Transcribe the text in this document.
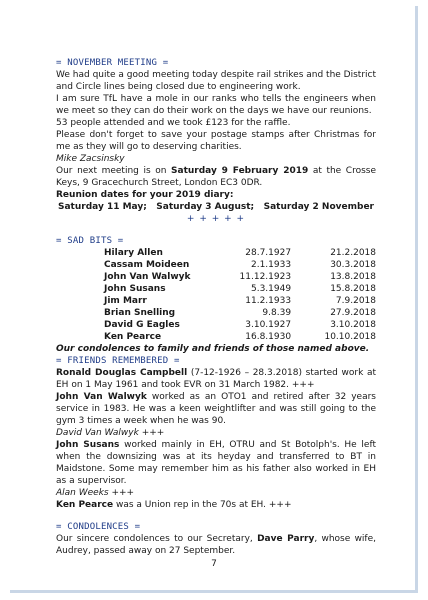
= NOVEMBER MEETING =

We had quite a good meeting today despite rail strikes and the District and Circle lines being closed due to engineering work.

I am sure TfL have a mole in our ranks who tells the engineers when we meet so they can do their work on the days we have our reunions.

53 people attended and we took £123 for the raffle.

Please don't forget to save your postage stamps after Christmas for me as they will go to deserving charities.

Mike Zacsinsky

Our next meeting is on Saturday 9 February 2019 at the Crosse Keys, 9 Gracechurch Street, London EC3 0DR.

Reunion dates for your 2019 diary:
Saturday 11 May; Saturday 3 August; Saturday 2 November
+ + + + +
= SAD BITS =
Hilary Allen	28.7.1927	21.2.2018
Cassam Moideen	2.1.1933	30.3.2018
John Van Walwyk	11.12.1923	13.8.2018
John Susans	5.3.1949	15.8.2018
Jim Marr	11.2.1933	7.9.2018
Brian Snelling	9.8.39	27.9.2018
David G Eagles	3.10.1927	3.10.2018
Ken Pearce	16.8.1930	10.10.2018
Our condolences to family and friends of those named above.
= FRIENDS REMEMBERED =

Ronald Douglas Campbell (7-12-1926 – 28.3.2018) started work at EH on 1 May 1961 and took EVR on 31 March 1982. +++

John Van Walwyk worked as an OTO1 and retired after 32 years service in 1983. He was a keen weightlifter and was still going to the gym 3 times a week when he was 90.

David Van Walwyk +++

John Susans worked mainly in EH, OTRU and St Botolph's. He left when the downsizing was at its heyday and transferred to BT in Maidstone. Some may remember him as his father also worked in EH as a supervisor.

Alan Weeks +++

Ken Pearce was a Union rep in the 70s at EH. +++

= CONDOLENCES =

Our sincere condolences to our Secretary, Dave Parry, whose wife, Audrey, passed away on 27 September.

7
